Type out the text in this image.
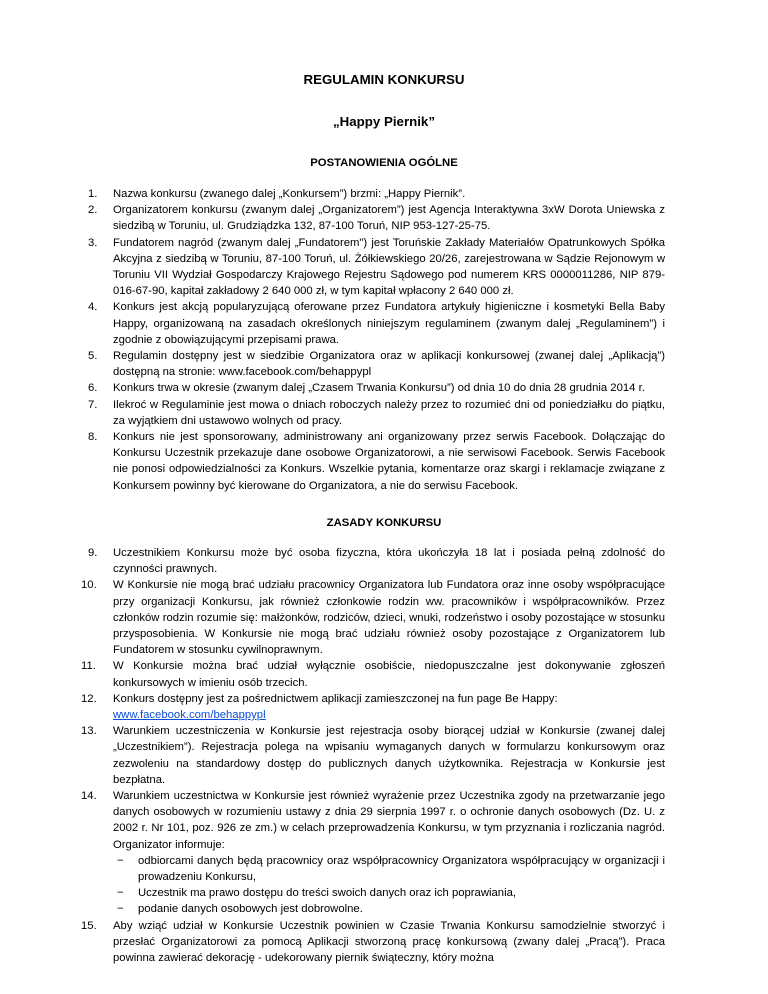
REGULAMIN KONKURSU
„Happy Piernik”
POSTANOWIENIA OGÓLNE
1.	Nazwa konkursu (zwanego dalej „Konkursem”) brzmi: „Happy Piernik”.
2.	Organizatorem konkursu (zwanym dalej „Organizatorem”) jest Agencja Interaktywna 3xW Dorota Uniewska z siedzibą w Toruniu, ul. Grudziądzka 132, 87-100 Toruń, NIP 953-127-25-75.
3.	Fundatorem nagród (zwanym dalej „Fundatorem") jest Toruńskie Zakłady Materiałów Opatrunkowych Spółka Akcyjna z siedzibą w Toruniu, 87-100 Toruń, ul. Żółkiewskiego 20/26, zarejestrowana w Sądzie Rejonowym w Toruniu VII Wydział Gospodarczy Krajowego Rejestru Sądowego pod numerem KRS 0000011286, NIP 879-016-67-90, kapitał zakładowy 2 640 000 zł, w tym kapitał wpłacony 2 640 000 zł.
4.	Konkurs jest akcją popularyzującą oferowane przez Fundatora artykuły higieniczne i kosmetyki Bella Baby Happy, organizowaną na zasadach określonych niniejszym regulaminem (zwanym dalej „Regulaminem”) i zgodnie z obowiązującymi przepisami prawa.
5.	Regulamin dostępny jest w siedzibie Organizatora oraz w aplikacji konkursowej (zwanej dalej „Aplikacją”) dostępną na stronie: www.facebook.com/behappypl
6.	Konkurs trwa w okresie (zwanym dalej „Czasem Trwania Konkursu”) od dnia 10 do dnia 28 grudnia 2014 r.
7.	Ilekroć w Regulaminie jest mowa o dniach roboczych należy przez to rozumieć dni od poniedziałku do piątku, za wyjątkiem dni ustawowo wolnych od pracy.
8.	Konkurs nie jest sponsorowany, administrowany ani organizowany przez serwis Facebook. Dołączając do Konkursu Uczestnik przekazuje dane osobowe Organizatorowi, a nie serwisowi Facebook. Serwis Facebook nie ponosi odpowiedzialności za Konkurs. Wszelkie pytania, komentarze oraz skargi i reklamacje związane z Konkursem powinny być kierowane do Organizatora, a nie do serwisu Facebook.
ZASADY KONKURSU
9.	Uczestnikiem Konkursu może być osoba fizyczna, która ukończyła 18 lat i posiada pełną zdolność do czynności prawnych.
10.	W Konkursie nie mogą brać udziału pracownicy Organizatora lub Fundatora oraz inne osoby współpracujące przy organizacji Konkursu, jak również członkowie rodzin ww. pracowników i współpracowników. Przez członków rodzin rozumie się: małżonków, rodziców, dzieci, wnuki, rodzeństwo i osoby pozostające w stosunku przysposobienia. W Konkursie nie mogą brać udziału również osoby pozostające z Organizatorem lub Fundatorem w stosunku cywilnoprawnym.
11.	W Konkursie można brać udział wyłącznie osobiście, niedopuszczalne jest dokonywanie zgłoszeń konkursowych w imieniu osób trzecich.
12.	Konkurs dostępny jest za pośrednictwem aplikacji zamieszczonej na fun page Be Happy:
www.facebook.com/behappypl
13.	Warunkiem uczestniczenia w Konkursie jest rejestracja osoby biorącej udział w Konkursie (zwanej dalej „Uczestnikiem”). Rejestracja polega na wpisaniu wymaganych danych w formularzu konkursowym oraz zezwoleniu na standardowy dostęp do publicznych danych użytkownika. Rejestracja w Konkursie jest bezpłatna.
14.	Warunkiem uczestnictwa w Konkursie jest również wyrażenie przez Uczestnika zgody na przetwarzanie jego danych osobowych w rozumieniu ustawy z dnia 29 sierpnia 1997 r. o ochronie danych osobowych (Dz. U. z 2002 r. Nr 101, poz. 926 ze zm.) w celach przeprowadzenia Konkursu, w tym przyznania i rozliczania nagród. Organizator informuje:
− odbiorcami danych będą pracownicy oraz współpracownicy Organizatora współpracujący w organizacji i prowadzeniu Konkursu,
− Uczestnik ma prawo dostępu do treści swoich danych oraz ich poprawiania,
− podanie danych osobowych jest dobrowolne.
15.	Aby wziąć udział w Konkursie Uczestnik powinien w Czasie Trwania Konkursu samodzielnie stworzyć i przesłać Organizatorowi za pomocą Aplikacji stworzoną pracę konkursową (zwany dalej „Pracą”). Praca powinna zawierać dekorację - udekorowany piernik świąteczny, który można
